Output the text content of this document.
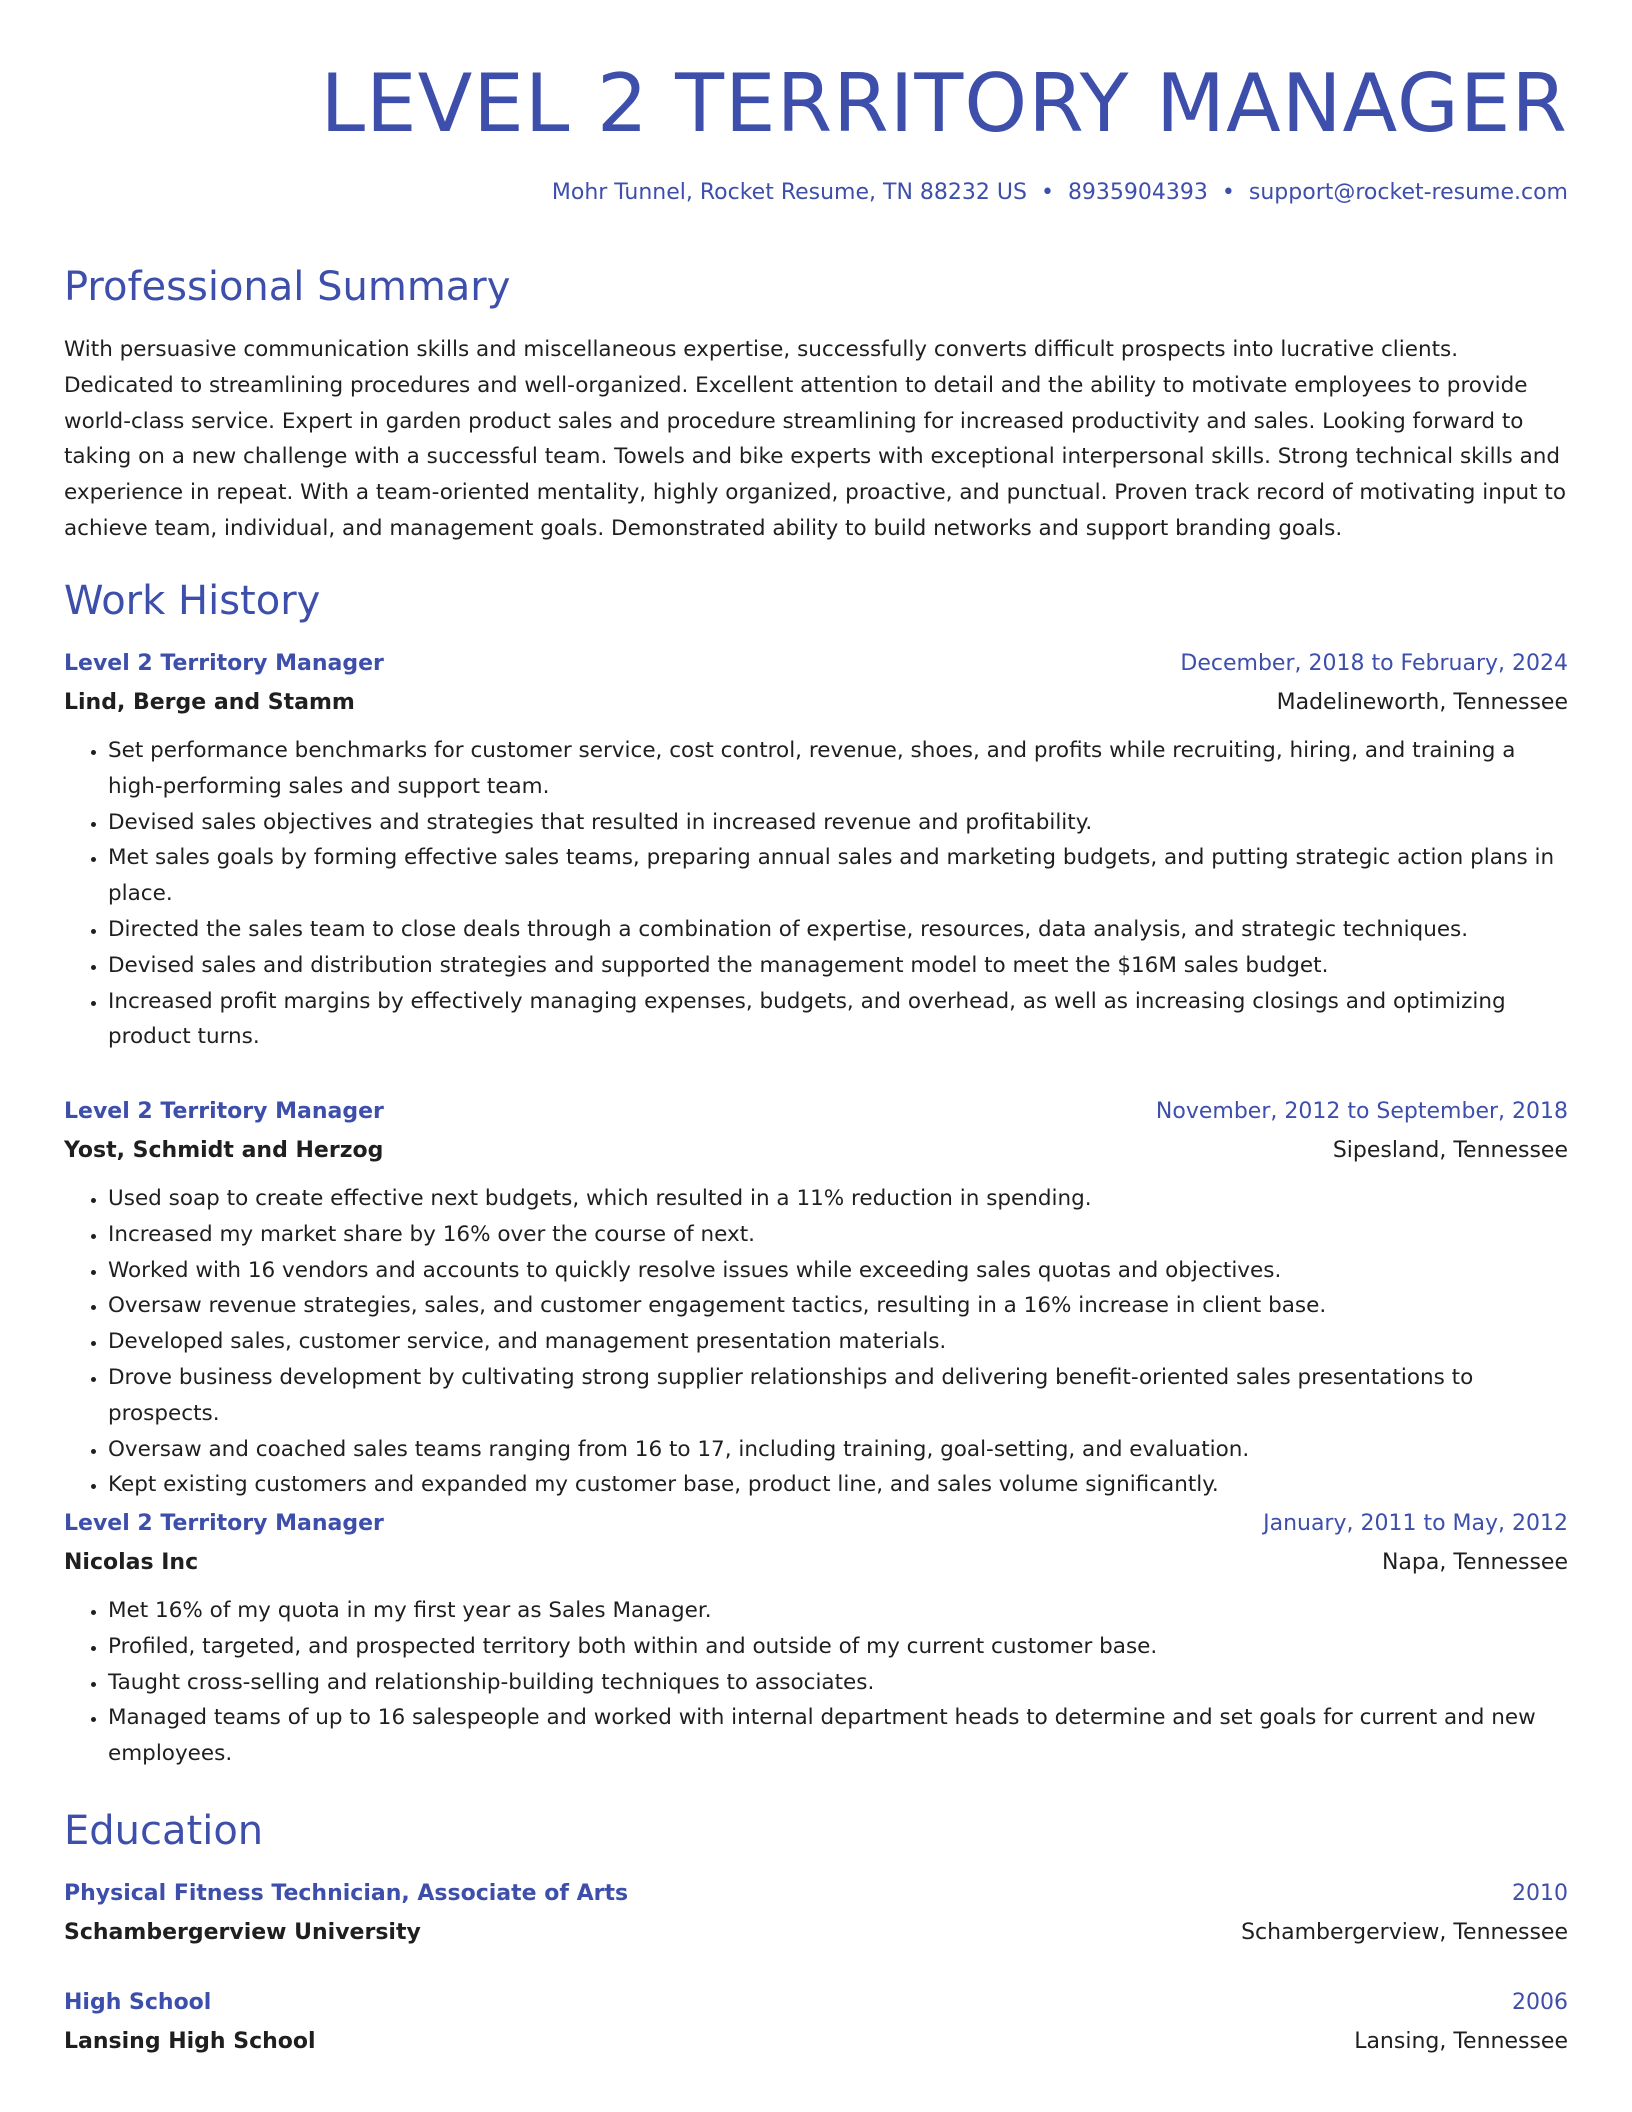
LEVEL 2 TERRITORY MANAGER
Mohr Tunnel, Rocket Resume, TN 88232 US • 8935904393 • support@rocket-resume.com
Professional Summary

With persuasive communication skills and miscellaneous expertise, successfully converts difficult prospects into lucrative clients. Dedicated to streamlining procedures and well-organized. Excellent attention to detail and the ability to motivate employees to provide world-class service. Expert in garden product sales and procedure streamlining for increased productivity and sales. Looking forward to taking on a new challenge with a successful team. Towels and bike experts with exceptional interpersonal skills. Strong technical skills and experience in repeat. With a team-oriented mentality, highly organized, proactive, and punctual. Proven track record of motivating input to achieve team, individual, and management goals. Demonstrated ability to build networks and support branding goals.

Work History
Level 2 Territory Manager	December, 2018 to February, 2024
Lind, Berge and Stamm	Madelineworth, Tennessee
• Set performance benchmarks for customer service, cost control, revenue, shoes, and profits while recruiting, hiring, and training a high-performing sales and support team.
• Devised sales objectives and strategies that resulted in increased revenue and profitability.
• Met sales goals by forming effective sales teams, preparing annual sales and marketing budgets, and putting strategic action plans in place.
• Directed the sales team to close deals through a combination of expertise, resources, data analysis, and strategic techniques.
• Devised sales and distribution strategies and supported the management model to meet the $16M sales budget.
• Increased profit margins by effectively managing expenses, budgets, and overhead, as well as increasing closings and optimizing product turns.
Level 2 Territory Manager	November, 2012 to September, 2018
Yost, Schmidt and Herzog	Sipesland, Tennessee
• Used soap to create effective next budgets, which resulted in a 11% reduction in spending.
• Increased my market share by 16% over the course of next.
• Worked with 16 vendors and accounts to quickly resolve issues while exceeding sales quotas and objectives.
• Oversaw revenue strategies, sales, and customer engagement tactics, resulting in a 16% increase in client base.
• Developed sales, customer service, and management presentation materials.
• Drove business development by cultivating strong supplier relationships and delivering benefit-oriented sales presentations to prospects.
• Oversaw and coached sales teams ranging from 16 to 17, including training, goal-setting, and evaluation.
• Kept existing customers and expanded my customer base, product line, and sales volume significantly.
Level 2 Territory Manager	January, 2011 to May, 2012
Nicolas Inc	Napa, Tennessee
• Met 16% of my quota in my first year as Sales Manager.
• Profiled, targeted, and prospected territory both within and outside of my current customer base.
• Taught cross-selling and relationship-building techniques to associates.
• Managed teams of up to 16 salespeople and worked with internal department heads to determine and set goals for current and new employees.
Education
Physical Fitness Technician, Associate of Arts	2010
Schambergerview University	Schambergerview, Tennessee
High School	2006
Lansing High School	Lansing, Tennessee
